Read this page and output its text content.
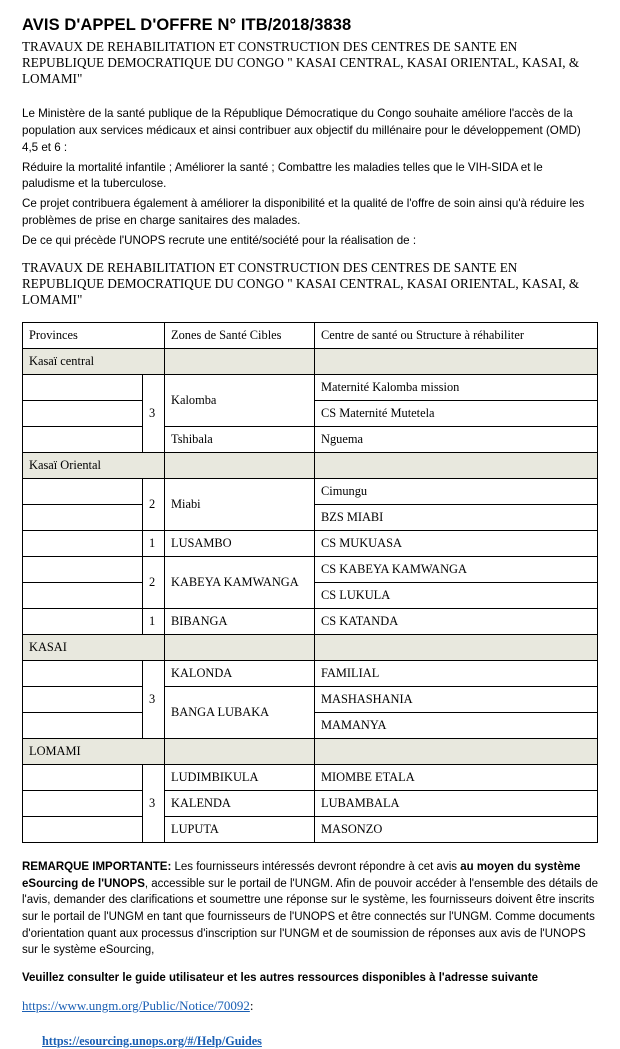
AVIS D'APPEL D'OFFRE N° ITB/2018/3838
TRAVAUX DE REHABILITATION ET CONSTRUCTION DES CENTRES DE SANTE EN REPUBLIQUE DEMOCRATIQUE DU CONGO " KASAI CENTRAL, KASAI ORIENTAL, KASAI, & LOMAMI"
Le Ministère de la santé publique de la République Démocratique du Congo souhaite améliore l'accès de la population aux services médicaux et ainsi contribuer aux objectif du millénaire pour le développement (OMD) 4,5 et 6 :
Réduire la mortalité infantile ; Améliorer la santé ; Combattre les maladies telles que le VIH-SIDA et le paludisme et la tuberculose.
Ce projet contribuera également à améliorer la disponibilité et la qualité de l'offre de soin ainsi qu'à réduire les problèmes de prise en charge sanitaires des malades.
De ce qui précède l'UNOPS recrute une entité/société pour la réalisation de :
TRAVAUX DE REHABILITATION ET CONSTRUCTION DES CENTRES DE SANTE EN REPUBLIQUE DEMOCRATIQUE DU CONGO " KASAI CENTRAL, KASAI ORIENTAL, KASAI, & LOMAMI"
Provinces		Zones de Santé Cibles	Centre de santé ou Structure à réhabiliter
Kasaï central			
	3	Kalomba	Maternité Kalomba mission
			CS Maternité Mutetela
		Tshibala	Nguema
Kasaï Oriental			
	2	Miabi	Cimungu
			BZS MIABI
	1	LUSAMBO	CS MUKUASA
	2	KABEYA KAMWANGA	CS KABEYA KAMWANGA
			CS LUKULA
	1	BIBANGA	CS KATANDA
KASAI			
	3	KALONDA	FAMILIAL
		BANGA LUBAKA	MASHASHANIA
			MAMANYA
LOMAMI			
	3	LUDIMBIKULA	MIOMBE ETALA
		KALENDA	LUBAMBALA
		LUPUTA	MASONZO
REMARQUE IMPORTANTE: Les fournisseurs intéressés devront répondre à cet avis au moyen du système eSourcing de l'UNOPS, accessible sur le portail de l'UNGM. Afin de pouvoir accéder à l'ensemble des détails de l'avis, demander des clarifications et soumettre une réponse sur le système, les fournisseurs doivent être inscrits sur le portail de l'UNGM en tant que fournisseurs de l'UNOPS et être connectés sur l'UNGM. Comme documents d'orientation quant aux processus d'inscription sur l'UNGM et de soumission de réponses aux avis de l'UNOPS sur le système eSourcing,
Veuillez consulter le guide utilisateur et les autres ressources disponibles à l'adresse suivante
https://www.ungm.org/Public/Notice/70092:
https://esourcing.unops.org/#/Help/Guides
